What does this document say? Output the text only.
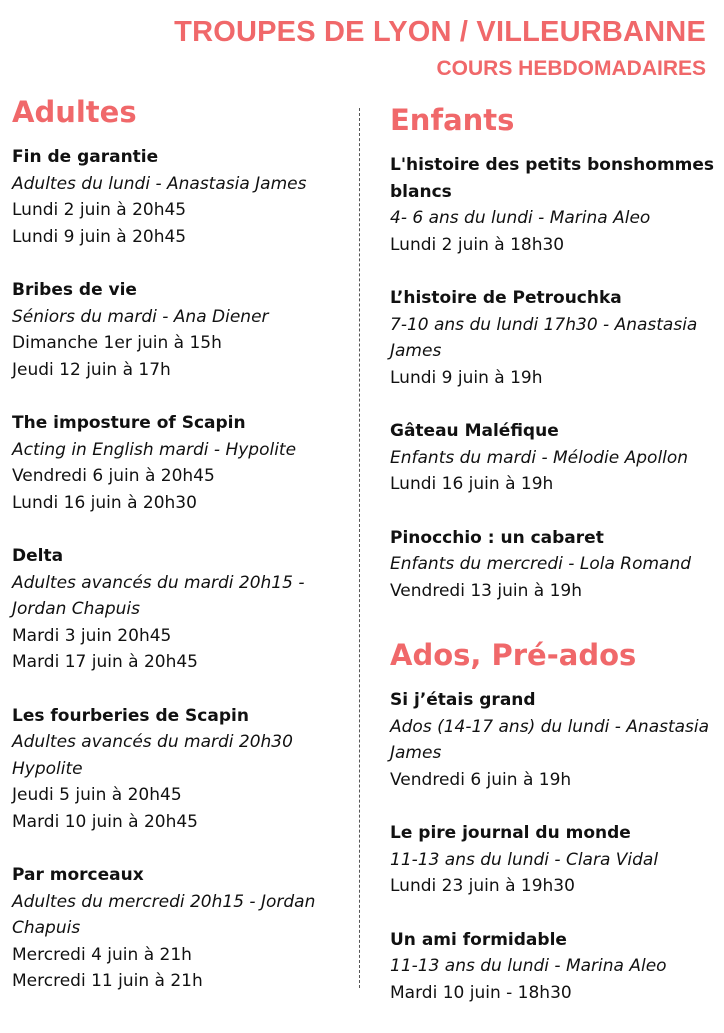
TROUPES DE LYON / VILLEURBANNE
COURS HEBDOMADAIRES
Adultes
Fin de garantie
Adultes du lundi - Anastasia James
Lundi 2 juin à 20h45
Lundi 9 juin à 20h45
Bribes de vie
Séniors du mardi - Ana Diener
Dimanche 1er juin à 15h
Jeudi 12 juin à 17h
The imposture of Scapin
Acting in English mardi - Hypolite
Vendredi 6 juin à 20h45
Lundi 16 juin à 20h30
Delta
Adultes avancés du mardi 20h15 - Jordan Chapuis
Mardi 3 juin 20h45
Mardi 17 juin à 20h45
Les fourberies de Scapin
Adultes avancés du mardi 20h30 Hypolite
Jeudi 5 juin à 20h45
Mardi 10 juin à 20h45
Par morceaux
Adultes du mercredi 20h15 - Jordan Chapuis
Mercredi 4 juin à 21h
Mercredi 11 juin à 21h
Enfants
L'histoire des petits bonshommes blancs
4- 6 ans du lundi - Marina Aleo
Lundi 2 juin à 18h30
L’histoire de Petrouchka
7-10 ans du lundi 17h30 - Anastasia James
Lundi 9 juin à 19h
Gâteau Maléfique
Enfants du mardi - Mélodie Apollon
Lundi 16 juin à 19h
Pinocchio : un cabaret
Enfants du mercredi - Lola Romand
Vendredi 13 juin à 19h
Ados, Pré-ados
Si j’étais grand
Ados (14-17 ans) du lundi - Anastasia James
Vendredi 6 juin à 19h
Le pire journal du monde
11-13 ans du lundi - Clara Vidal
Lundi 23 juin à 19h30
Un ami formidable
11-13 ans du lundi - Marina Aleo
Mardi 10 juin - 18h30
